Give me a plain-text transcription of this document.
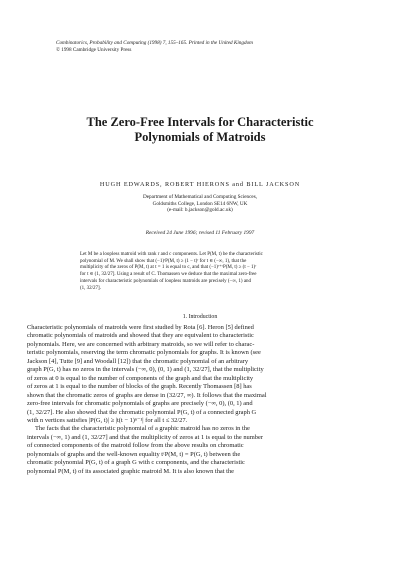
Combinatorics, Probability and Computing (1998) 7, 155–165. Printed in the United Kingdom
© 1998 Cambridge University Press
The Zero-Free Intervals for Characteristic
Polynomials of Matroids
HUGH EDWARDS, ROBERT HIERONS and BILL JACKSON
Department of Mathematical and Computing Sciences,
Goldsmiths College, London SE14 6NW, UK
(e-mail: b.jackson@gold.ac.uk)
Received 24 June 1996; revised 11 February 1997
Let M be a loopless matroid with rank r and c components. Let P(M, t) be the characteristic
polynomial of M. We shall show that (−1)ʳP(M, t) ≥ (1 − t)ʳ for t ∈ (−∞, 1), that the
multiplicity of the zeros of P(M, t) at t = 1 is equal to c, and that (−1)ʳ⁺ᶜP(M, t) ≥ (t − 1)ʳ
for t ∈ (1, 32/27]. Using a result of C. Thomassen we deduce that the maximal zero-free
intervals for characteristic polynomials of loopless matroids are precisely (−∞, 1) and
(1, 32/27].
1. Introduction
Characteristic polynomials of matroids were first studied by Rota [6]. Heron [5] defined
chromatic polynomials of matroids and showed that they are equivalent to characteristic
polynomials. Here, we are concerned with arbitrary matroids, so we will refer to charac-
teristic polynomials, reserving the term chromatic polynomials for graphs. It is known (see
Jackson [4], Tutte [9] and Woodall [12]) that the chromatic polynomial of an arbitrary
graph P(G, t) has no zeros in the intervals (−∞, 0), (0, 1) and (1, 32/27], that the multiplicity
of zeros at 0 is equal to the number of components of the graph and that the multiplicity
of zeros at 1 is equal to the number of blocks of the graph. Recently Thomassen [8] has
shown that the chromatic zeros of graphs are dense in (32/27, ∞). It follows that the maximal
zero-free intervals for chromatic polynomials of graphs are precisely (−∞, 0), (0, 1) and
(1, 32/27]. He also showed that the chromatic polynomial P(G, t) of a connected graph G
with n vertices satisfies |P(G, t)| ≥ |t(t − 1)ⁿ⁻¹| for all t ≤ 32/27.
The facts that the characteristic polynomial of a graphic matroid has no zeros in the
intervals (−∞, 1) and (1, 32/27] and that the multiplicity of zeros at 1 is equal to the number
of connected components of the matroid follow from the above results on chromatic
polynomials of graphs and the well-known equality tᶜP(M, t) = P(G, t) between the
chromatic polynomial P(G, t) of a graph G with c components, and the characteristic
polynomial P(M, t) of its associated graphic matroid M. It is also known that the
